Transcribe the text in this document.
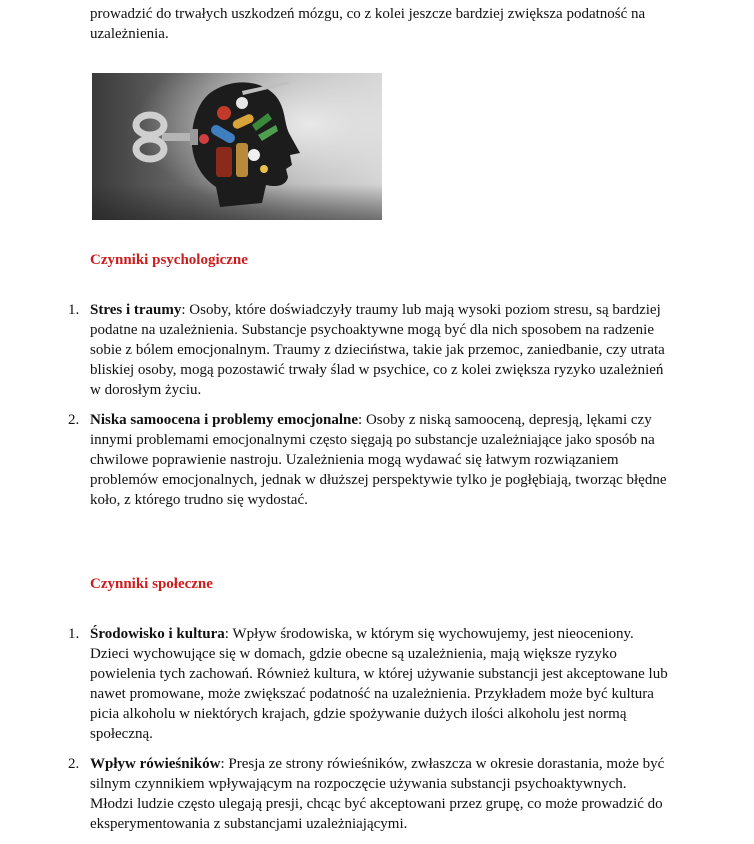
prowadzić do trwałych uszkodzeń mózgu, co z kolei jeszcze bardziej zwiększa podatność na uzależnienia.

Czynniki psychologiczne
1. Stres i traumy: Osoby, które doświadczyły traumy lub mają wysoki poziom stresu, są bardziej podatne na uzależnienia. Substancje psychoaktywne mogą być dla nich sposobem na radzenie sobie z bólem emocjonalnym. Traumy z dzieciństwa, takie jak przemoc, zaniedbanie, czy utrata bliskiej osoby, mogą pozostawić trwały ślad w psychice, co z kolei zwiększa ryzyko uzależnień w dorosłym życiu.
2. Niska samoocena i problemy emocjonalne: Osoby z niską samooceną, depresją, lękami czy innymi problemami emocjonalnymi często sięgają po substancje uzależniające jako sposób na chwilowe poprawienie nastroju. Uzależnienia mogą wydawać się łatwym rozwiązaniem problemów emocjonalnych, jednak w dłuższej perspektywie tylko je pogłębiają, tworząc błędne koło, z którego trudno się wydostać.
Czynniki społeczne
1. Środowisko i kultura: Wpływ środowiska, w którym się wychowujemy, jest nieoceniony. Dzieci wychowujące się w domach, gdzie obecne są uzależnienia, mają większe ryzyko powielenia tych zachowań. Również kultura, w której używanie substancji jest akceptowane lub nawet promowane, może zwiększać podatność na uzależnienia. Przykładem może być kultura picia alkoholu w niektórych krajach, gdzie spożywanie dużych ilości alkoholu jest normą społeczną.
2. Wpływ rówieśników: Presja ze strony rówieśników, zwłaszcza w okresie dorastania, może być silnym czynnikiem wpływającym na rozpoczęcie używania substancji psychoaktywnych. Młodzi ludzie często ulegają presji, chcąc być akceptowani przez grupę, co może prowadzić do eksperymentowania z substancjami uzależniającymi.
